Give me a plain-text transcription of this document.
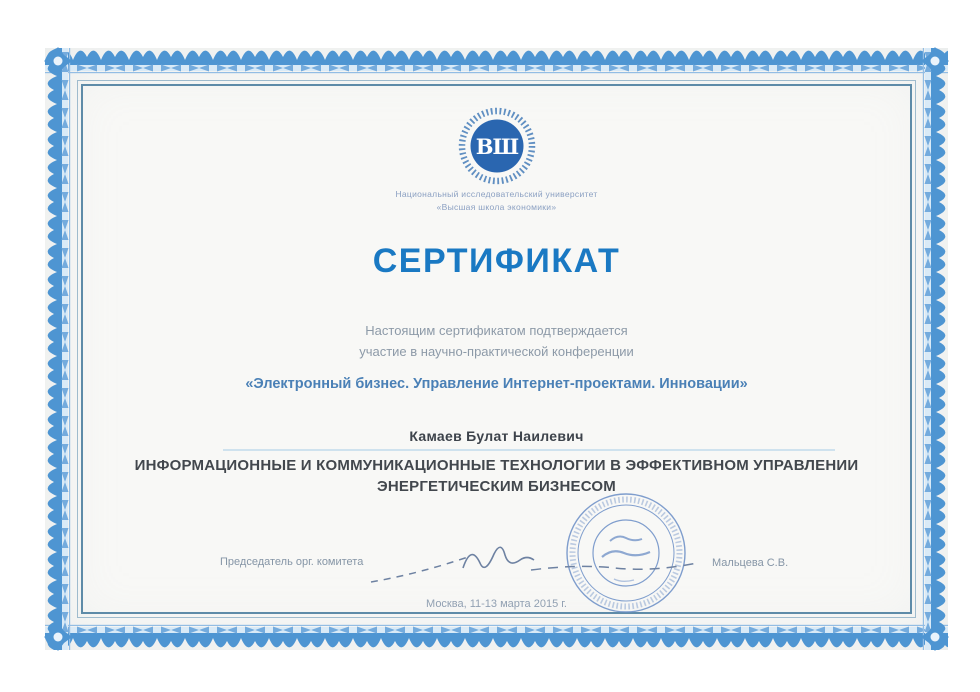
ВШ
Национальный исследовательский университет
«Высшая школа экономики»
СЕРТИФИКАТ
Настоящим сертификатом подтверждается
участие в научно-практической конференции
«Электронный бизнес. Управление Интернет-проектами. Инновации»
Камаев Булат Наилевич
ИНФОРМАЦИОННЫЕ И КОММУНИКАЦИОННЫЕ ТЕХНОЛОГИИ В ЭФФЕКТИВНОМ УПРАВЛЕНИИ
ЭНЕРГЕТИЧЕСКИМ БИЗНЕСОМ
Председатель орг. комитета	Мальцева С.В.
Москва, 11-13 марта 2015 г.
